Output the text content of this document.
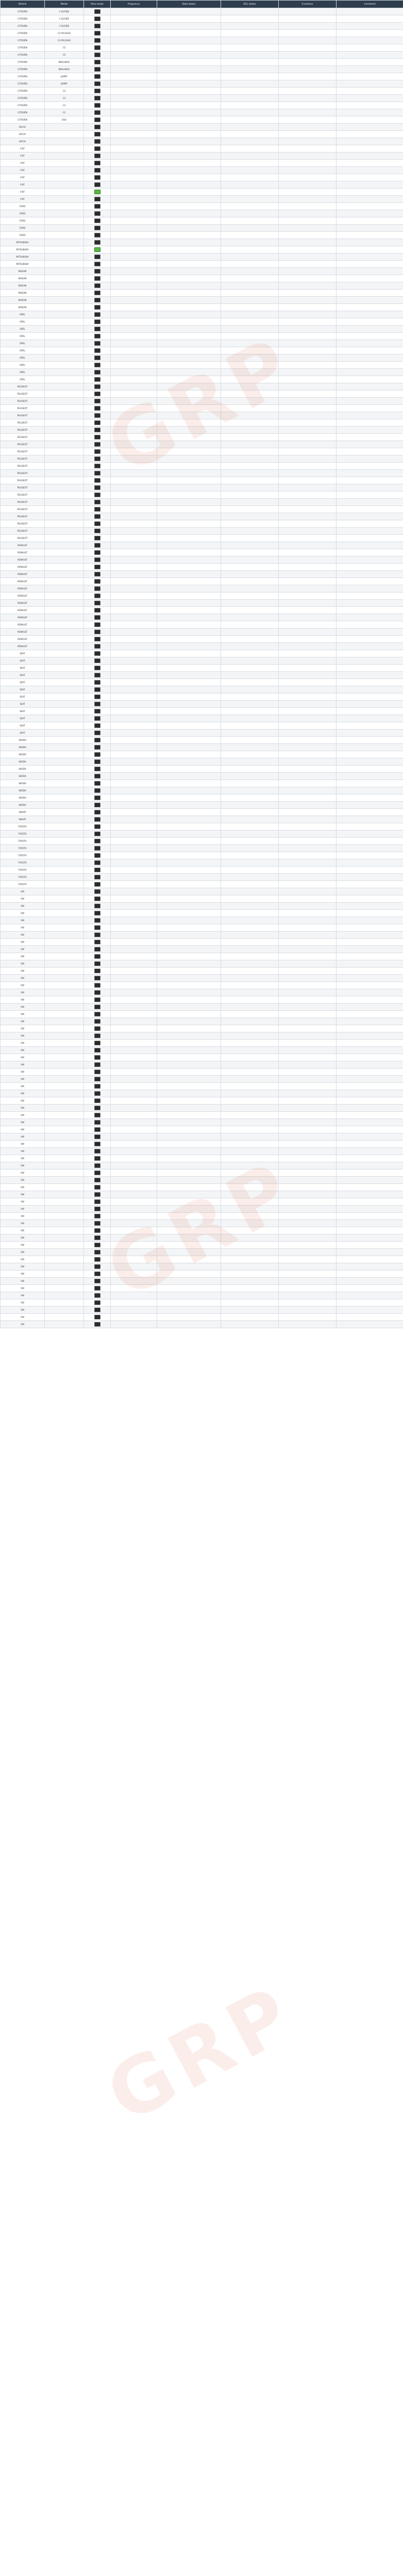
Vehicle	Model	Pass-mode	Frequency	Data status	EGL status	Functions	Comment
CITROËN	C-ELYSÉE						
CITROËN	C-ELYSÉE						
CITROËN	C-ELYSÉE						
CITROËN	C4 PICASSO						
CITROËN	C4 PICASSO						
CITROËN	C5						
CITROËN	C5						
CITROËN	BERLINGO						
CITROËN	BERLINGO						
CITROËN	JUMPY						
CITROËN	JUMPY						
CITROËN	C3						
CITROËN	C3						
CITROËN	C3						
CITROËN	C2						
CITROËN	DS4						
DACIA							
DACIA							
DACIA							
FIAT							
FIAT							
FIAT							
FIAT							
FIAT							
FIAT							
FIAT							
FIAT							
FORD							
FORD							
FORD							
FORD							
FORD							
MITSUBISHI							
MITSUBISHI							
MITSUBISHI							
MITSUBISHI							
NISSAN							
NISSAN							
NISSAN							
NISSAN							
NISSAN							
NISSAN							
OPEL							
OPEL							
OPEL							
OPEL							
OPEL							
OPEL							
OPEL							
OPEL							
OPEL							
OPEL							
PEUGEOT							
PEUGEOT							
PEUGEOT							
PEUGEOT							
PEUGEOT							
PEUGEOT							
PEUGEOT							
PEUGEOT							
PEUGEOT							
PEUGEOT							
PEUGEOT							
PEUGEOT							
PEUGEOT							
PEUGEOT							
PEUGEOT							
PEUGEOT							
PEUGEOT							
PEUGEOT							
PEUGEOT							
PEUGEOT							
PEUGEOT							
PEUGEOT							
RENAULT							
RENAULT							
RENAULT							
RENAULT							
RENAULT							
RENAULT							
RENAULT							
RENAULT							
RENAULT							
RENAULT							
RENAULT							
RENAULT							
RENAULT							
RENAULT							
RENAULT							
SEAT							
SEAT							
SEAT							
SEAT							
SEAT							
SEAT							
SEAT							
SEAT							
SEAT							
SEAT							
SEAT							
SEAT							
SKODA							
SKODA							
SKODA							
SKODA							
SKODA							
SKODA							
SKODA							
SKODA							
SKODA							
SKODA							
SMART							
SMART							
TOYOTA							
TOYOTA							
TOYOTA							
TOYOTA							
TOYOTA							
TOYOTA							
TOYOTA							
TOYOTA							
TOYOTA							
VW							
VW							
VW							
VW							
VW							
VW							
VW							
VW							
VW							
VW							
VW							
VW							
VW							
VW							
VW							
VW							
VW							
VW							
VW							
VW							
VW							
VW							
VW							
VW							
VW							
VW							
VW							
VW							
VW							
VW							
VW							
VW							
VW							
VW							
VW							
VW							
VW							
VW							
VW							
VW							
VW							
VW							
VW							
VW							
VW							
VW							
VW							
VW							
VW							
VW							
VW							
VW							
VW							
VW							
VW							
VW							
VW							
VW							
VW							
VW							
VW							
GRP
